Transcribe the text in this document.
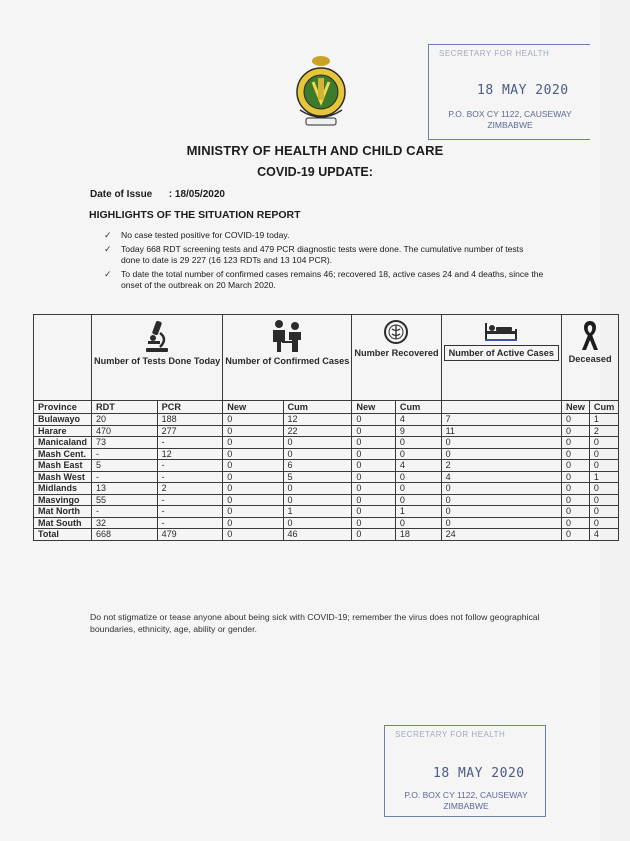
SECRETARY FOR HEALTH
18 MAY 2020
P.O. BOX CY 1122, CAUSEWAY
ZIMBABWE
MINISTRY OF HEALTH AND CHILD CARE
COVID-19 UPDATE:
Date of Issue : 18/05/2020
HIGHLIGHTS OF THE SITUATION REPORT
✓ No case tested positive for COVID-19 today.
✓ Today 668 RDT screening tests and 479 PCR diagnostic tests were done. The cumulative number of tests done to date is 29 227 (16 123 RDTs and 13 104 PCR).
✓ To date the total number of confirmed cases remains 46; recovered 18, active cases 24 and 4 deaths, since the onset of the outbreak on 20 March 2020.

	Number of Tests Done Today		Number of Confirmed Cases		Number Recovered		Number of Active Cases	Deceased	

Province	RDT	PCR	New	Cum	New	Cum		New	Cum
Bulawayo	20	188	0	12	0	4	7	0	1
Harare	470	277	0	22	0	9	11	0	2
Manicaland	73	-	0	0	0	0	0	0	0
Mash Cent.	-	12	0	0	0	0	0	0	0
Mash East	5	-	0	6	0	4	2	0	0
Mash West	-	-	0	5	0	0	4	0	1
Midlands	13	2	0	0	0	0	0	0	0
Masvingo	55	-	0	0	0	0	0	0	0
Mat North	-	-	0	1	0	1	0	0	0
Mat South	32	-	0	0	0	0	0	0	0
Total	668	479	0	46	0	18	24	0	4
Do not stigmatize or tease anyone about being sick with COVID-19; remember the virus does not follow geographical boundaries, ethnicity, age, ability or gender.
SECRETARY FOR HEALTH
18 MAY 2020
P.O. BOX CY 1122, CAUSEWAY
ZIMBABWE
